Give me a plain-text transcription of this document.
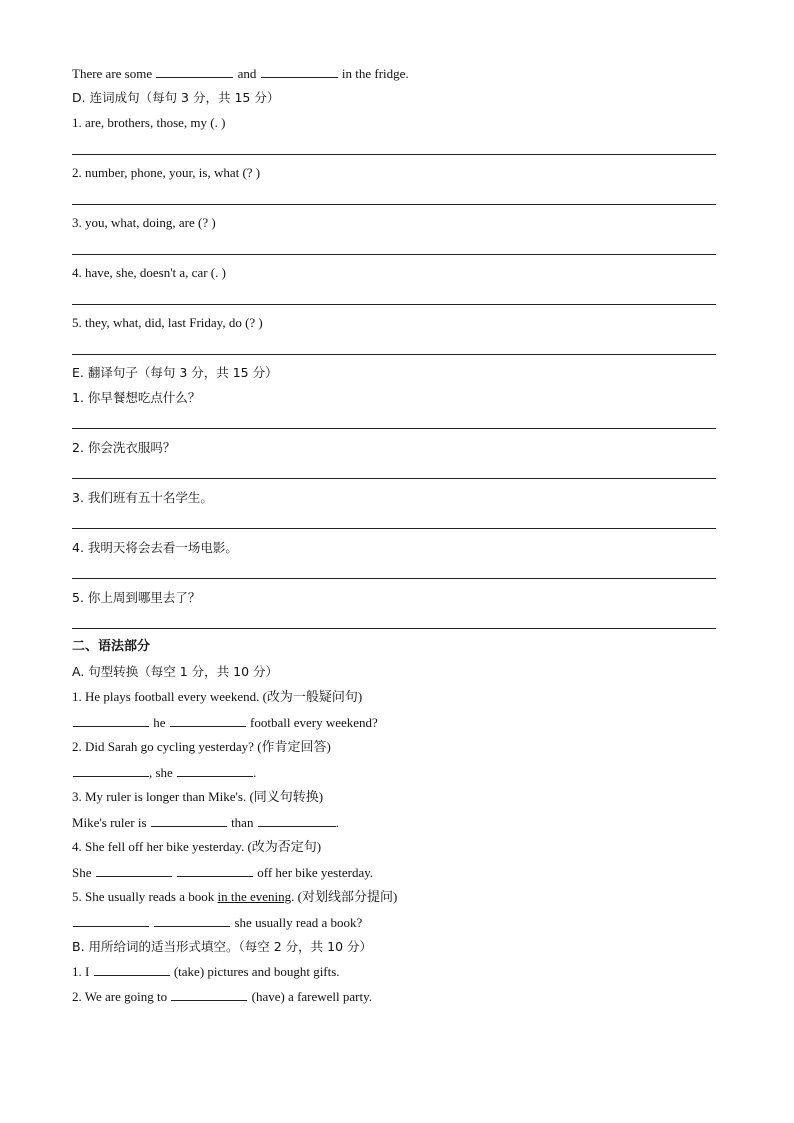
There are some	and	in the fridge.
D. 连词成句（每句 3 分，共 15 分）
1. are, brothers, those, my (. )
2. number, phone, your, is, what (? )
3. you, what, doing, are (? )
4. have, she, doesn't a, car (. )
5. they, what, did, last Friday, do (? )
E. 翻译句子（每句 3 分，共 15 分）
1. 你早餐想吃点什么？
2. 你会洗衣服吗？
3. 我们班有五十名学生。
4. 我明天将会去看一场电影。
5. 你上周到哪里去了？
二、语法部分
A. 句型转换（每空 1 分，共 10 分）
1. He plays football every weekend. (改为一般疑问句)
he	football every weekend?
2. Did Sarah go cycling yesterday? (作肯定回答)
, she	.
3. My ruler is longer than Mike's. (同义句转换)
Mike's ruler is	than	.
4. She fell off her bike yesterday. (改为否定句)
She	off her bike yesterday.
5. She usually reads a book in the evening. (对划线部分提问)
she usually read a book?
B. 用所给词的适当形式填空。（每空 2 分，共 10 分）
1. I	(take) pictures and bought gifts.
2. We are going to	(have) a farewell party.
